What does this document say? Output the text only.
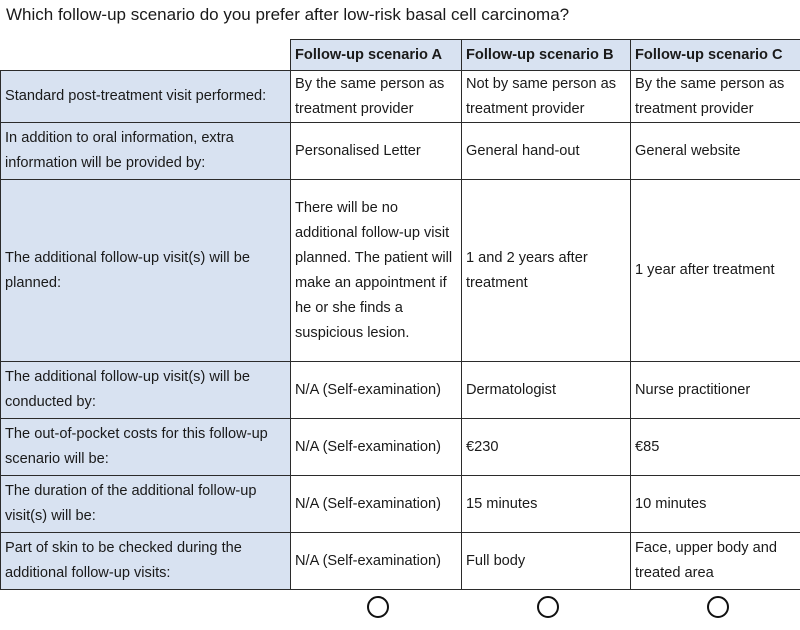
Which follow-up scenario do you prefer after low-risk basal cell carcinoma?
	Follow-up scenario A	Follow-up scenario B	Follow-up scenario C
Standard post-treatment visit performed:	By the same person as treatment provider	Not by same person as treatment provider	By the same person as treatment provider
In addition to oral information, extra information will be provided by:	Personalised Letter	General hand-out	General website
The additional follow-up visit(s) will be planned:	There will be no additional follow-up visit planned. The patient will make an appointment if he or she finds a suspicious lesion.	1 and 2 years after treatment	1 year after treatment
The additional follow-up visit(s) will be conducted by:	N/A (Self-examination)	Dermatologist	Nurse practitioner
The out-of-pocket costs for this follow-up scenario will be:	N/A (Self-examination)	€230	€85
The duration of the additional follow-up visit(s) will be:	N/A (Self-examination)	15 minutes	10 minutes
Part of skin to be checked during the additional follow-up visits:	N/A (Self-examination)	Full body	Face, upper body and treated area
